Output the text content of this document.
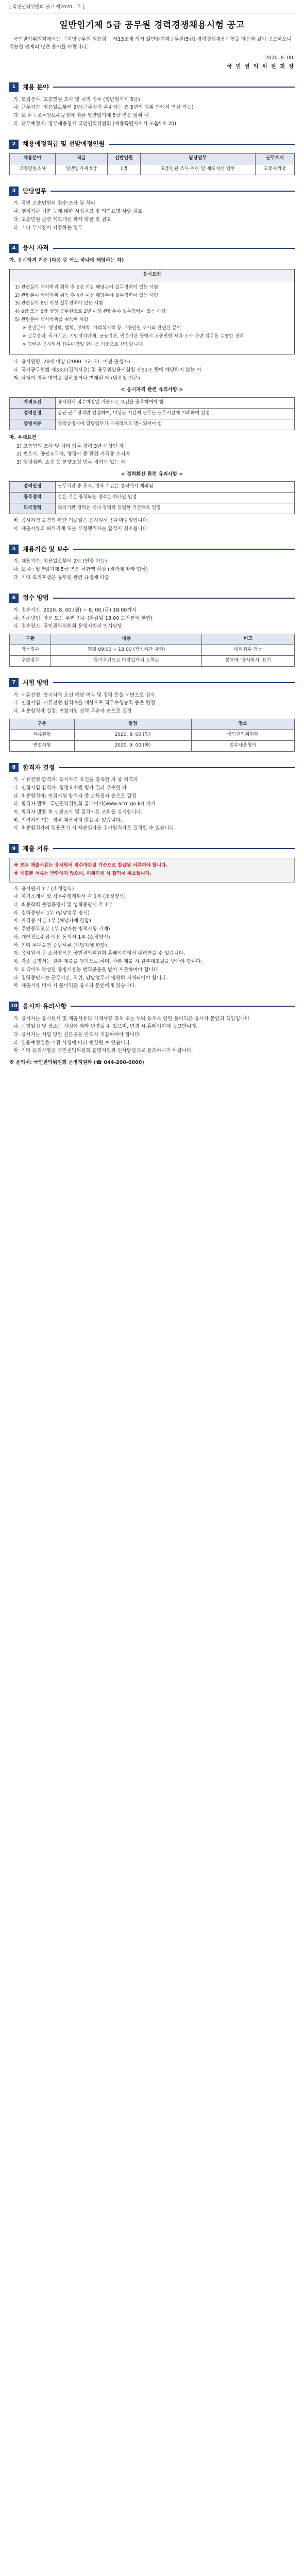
[ 국민권익위원회 공고 제2020 - 호 ]
일반임기제 5급 공무원 경력경쟁채용시험 공고

국민권익위원회에서는 「지방공무원 임용령」 제13조에 의거 일반임기제공무원(5급) 경력경쟁채용시험을 다음과 같이 공고하오니 유능한 인재의 많은 응시를 바랍니다.

2020. 8. 00.
국 민 권 익 위 원 회 장
1	채용 분야
가. 모집분야: 고충민원 조사 및 처리 업무 (일반임기제 5급)
나. 근무기간: 임용일로부터 2년(근무실적 우수자는 총 5년의 범위 안에서 연장 가능)
다. 보 수 : 공무원보수규정에 따른 일반임기제 5급 연봉 범위 내
라. 근무예정지: 정부세종청사 국민권익위원회 (세종특별자치시 도움5로 20)
2	채용예정직급 및 선발예정인원
채용분야	직급	선발인원	담당업무	근무부서
고충민원조사	일반임기제 5급	1명	고충민원 조사·처리 및 제도개선 업무	고충처리국
3	담당업무
가. 국민 고충민원의 접수·조사 및 처리
나. 행정기관 처분 등에 대한 시정권고 및 의견표명 사항 검토
다. 고충민원 관련 제도개선 과제 발굴 및 권고
라. 기타 부서장이 지정하는 업무
4	응시 자격

가. 응시자격 기준 (다음 중 어느 하나에 해당하는 자)

응시요건

1) 관련분야 석사학위 취득 후 2년 이상 해당분야 실무경력이 있는 사람

2) 관련분야 학사학위 취득 후 4년 이상 해당분야 실무경력이 있는 사람

3) 관련분야 6년 이상 실무경력이 있는 사람

4) 6급 또는 6급 상당 공무원으로 2년 이상 관련분야 실무경력이 있는 사람

5) 관련분야 박사학위를 취득한 사람

※ 관련분야: 행정학, 법학, 경제학, 사회복지학 등 고충민원 조사와 관련된 분야

※ 실무경력: 국가기관, 지방자치단체, 공공기관, 민간기관 등에서 고충민원 처리·조사 관련 업무를 수행한 경력

※ 경력은 응시원서 접수마감일 현재를 기준으로 산정합니다.

나. 응시연령: 20세 이상 (2000. 12. 31. 이전 출생자)
다. 국가공무원법 제33조(결격사유) 및 공무원임용시험령 제51조 등에 해당하지 않는 자
라. 남자의 경우 병역을 필하였거나 면제된 자 (임용일 기준)

< 응시자격 관련 유의사항 >

자격요건	응시원서 접수마감일 기준으로 요건을 충족하여야 함
경력산정	상근 근무경력만 인정하며, 비상근·시간제 근무는 근무시간에 비례하여 산정
증빙서류	경력증명서에 담당업무가 구체적으로 명시되어야 함

마. 우대요건

1) 고충민원 조사 및 처리 업무 경력 3년 이상인 자
2) 변호사, 공인노무사, 행정사 등 관련 자격증 소지자
3) 행정심판, 소송 등 분쟁조정 업무 경력이 있는 자

< 경력환산 관련 유의사항 >

경력인정	근무기간 중 휴직, 정직 기간은 경력에서 제외됨
중복경력	같은 기간 중복되는 경력은 하나만 인정
외국경력	외국기관 경력은 국내 경력과 동일한 기준으로 인정
바. 응시자격 요건의 판단 기준일은 응시원서 접수마감일입니다.
사. 제출서류의 허위기재 또는 부정행위자는 합격이 취소됩니다.
5	채용기간 및 보수
가. 채용기간: 임용일로부터 2년 (연장 가능)
나. 보 수: 일반임기제 5급 연봉 하한액 이상 (경력에 따라 협상)
다. 기타 복리후생은 공무원 관련 규정에 따름
6	접수 방법
가. 접수기간: 2020. 8. 00.(월) ~ 8. 00.(금) 18:00까지
나. 접수방법: 방문 또는 우편 접수 (마감일 18:00 도착분에 한함)
다. 접수장소: 국민권익위원회 운영지원과 인사담당
구분	내용	비고
방문접수	평일 09:00 ~ 18:00 (점심시간 제외)	대리접수 가능
우편접수	등기우편으로 마감일까지 도착분	봉투에 '응시원서' 표기
7	시험 방법
가. 서류전형: 응시자격 요건 해당 여부 및 경력 등을 서면으로 심사
나. 면접시험: 서류전형 합격자를 대상으로 직무수행능력 등을 평정
다. 최종합격자 결정: 면접시험 성적 우수자 순으로 결정
구분	일정	장소
서류전형	2020. 8. 00.(월)	국민권익위원회
면접시험	2020. 9. 00.(화)	정부세종청사
8	합격자 결정
가. 서류전형 합격자: 응시자격 요건을 충족한 자 중 적격자
나. 면접시험 합격자: 평정요소별 평가 결과 우수한 자
다. 최종합격자: 면접시험 합격자 중 고득점자 순으로 결정
라. 합격자 발표: 국민권익위원회 홈페이지(www.acrc.go.kr) 게시
마. 합격자 발표 후 신원조사 및 결격사유 조회를 실시합니다.
바. 적격자가 없는 경우 채용하지 않을 수 있습니다.
사. 최종합격자의 임용포기 시 차순위자를 추가합격자로 결정할 수 있습니다.
9	제출 서류

※ 모든 제출서류는 응시원서 접수마감일 기준으로 발급된 서류여야 합니다.

※ 제출된 서류는 반환하지 않으며, 허위기재 시 합격이 취소됩니다.

가. 응시원서 1부 (소정양식)
나. 자기소개서 및 직무수행계획서 각 1부 (소정양식)
다. 최종학력 졸업증명서 및 성적증명서 각 1부
라. 경력증명서 1부 (담당업무 명시)
마. 자격증 사본 1부 (해당자에 한함)
바. 주민등록초본 1부 (남자는 병적사항 기재)
사. 개인정보수집·이용 동의서 1부 (소정양식)
아. 기타 우대요건 증빙서류 (해당자에 한함)
자. 응시원서 등 소정양식은 국민권익위원회 홈페이지에서 내려받을 수 있습니다.
차. 각종 증명서는 원본 제출을 원칙으로 하며, 사본 제출 시 원본대조필을 받아야 합니다.
카. 외국어로 작성된 증빙서류는 번역공증을 받아 제출하여야 합니다.
타. 경력증명서는 근무기간, 직위, 담당업무가 명확히 기재되어야 합니다.
파. 제출서류 미비 시 불이익은 응시자 본인에게 있습니다.
10 응시자 유의사항
가. 응시자는 응시원서 및 제출서류의 기재사항 착오 또는 누락 등으로 인한 불이익은 응시자 본인의 책임입니다.
나. 시험일정 및 장소는 사정에 따라 변경될 수 있으며, 변경 시 홈페이지에 공고합니다.
다. 응시자는 시험 당일 신분증을 반드시 지참하여야 합니다.
라. 임용예정일은 기관 사정에 따라 변경될 수 있습니다.
마. 기타 문의사항은 국민권익위원회 운영지원과 인사담당으로 문의하시기 바랍니다.

※ 문의처: 국민권익위원회 운영지원과 (☎ 044-200-0000)
